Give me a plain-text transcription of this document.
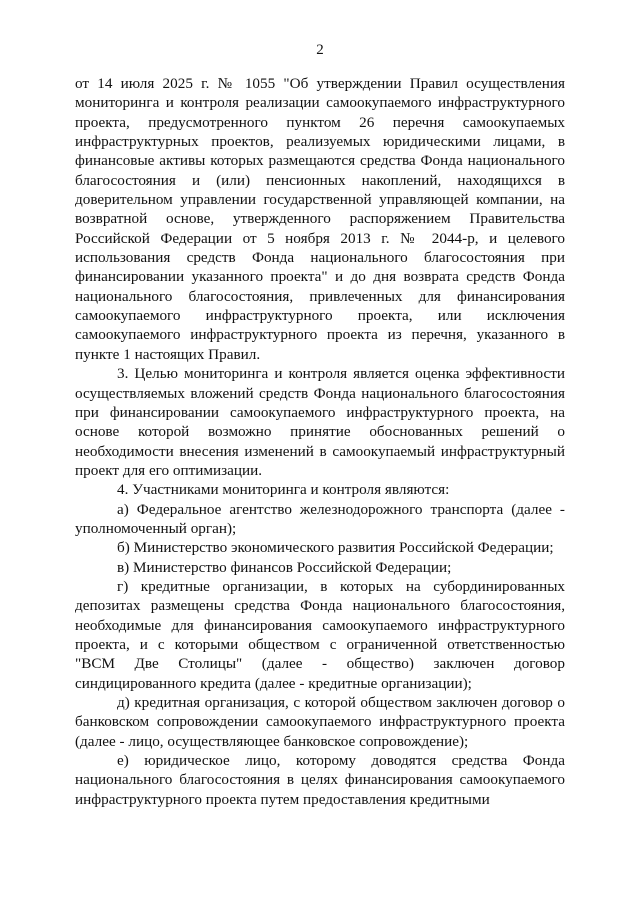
2

от 14 июля 2025 г. № 1055 "Об утверждении Правил осуществления мониторинга и контроля реализации самоокупаемого инфраструктурного проекта, предусмотренного пунктом 26 перечня самоокупаемых инфраструктурных проектов, реализуемых юридическими лицами, в финансовые активы которых размещаются средства Фонда национального благосостояния и (или) пенсионных накоплений, находящихся в доверительном управлении государственной управляющей компании, на возвратной основе, утвержденного распоряжением Правительства Российской Федерации от 5 ноября 2013 г. № 2044-р, и целевого использования средств Фонда национального благосостояния при финансировании указанного проекта" и до дня возврата средств Фонда национального благосостояния, привлеченных для финансирования самоокупаемого инфраструктурного проекта, или исключения самоокупаемого инфраструктурного проекта из перечня, указанного в пункте 1 настоящих Правил.

3. Целью мониторинга и контроля является оценка эффективности осуществляемых вложений средств Фонда национального благосостояния при финансировании самоокупаемого инфраструктурного проекта, на основе которой возможно принятие обоснованных решений о необходимости внесения изменений в самоокупаемый инфраструктурный проект для его оптимизации.

4. Участниками мониторинга и контроля являются:

а) Федеральное агентство железнодорожного транспорта (далее - уполномоченный орган);

б) Министерство экономического развития Российской Федерации;

в) Министерство финансов Российской Федерации;

г) кредитные организации, в которых на субординированных депозитах размещены средства Фонда национального благосостояния, необходимые для финансирования самоокупаемого инфраструктурного проекта, и с которыми обществом с ограниченной ответственностью "ВСМ Две Столицы" (далее - общество) заключен договор синдицированного кредита (далее - кредитные организации);

д) кредитная организация, с которой обществом заключен договор о банковском сопровождении самоокупаемого инфраструктурного проекта (далее - лицо, осуществляющее банковское сопровождение);

е) юридическое лицо, которому доводятся средства Фонда национального благосостояния в целях финансирования самоокупаемого инфраструктурного проекта путем предоставления кредитными
